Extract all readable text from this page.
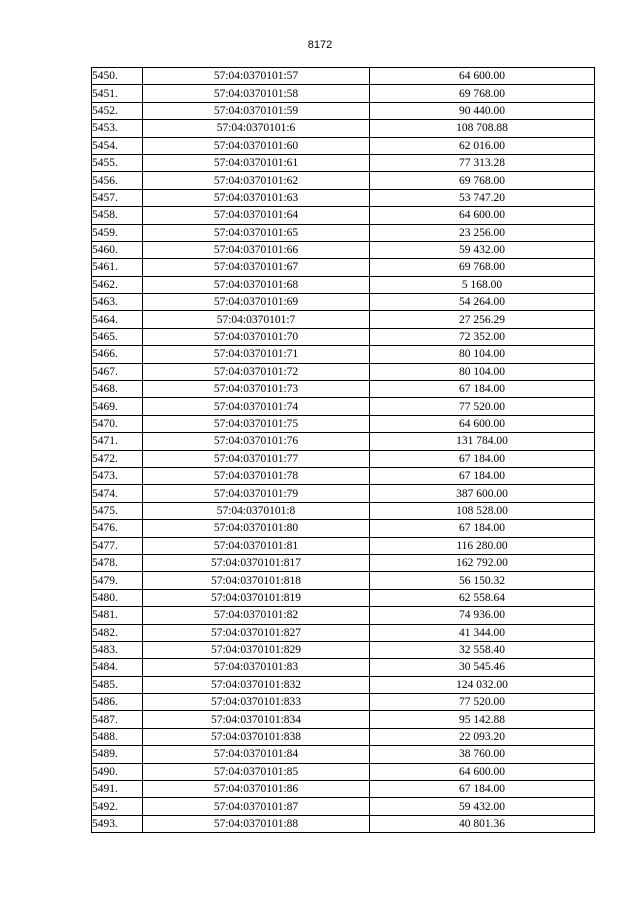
8172
5450.	57:04:0370101:57	64 600.00
5451.	57:04:0370101:58	69 768.00
5452.	57:04:0370101:59	90 440.00
5453.	57:04:0370101:6	108 708.88
5454.	57:04:0370101:60	62 016.00
5455.	57:04:0370101:61	77 313.28
5456.	57:04:0370101:62	69 768.00
5457.	57:04:0370101:63	53 747.20
5458.	57:04:0370101:64	64 600.00
5459.	57:04:0370101:65	23 256.00
5460.	57:04:0370101:66	59 432.00
5461.	57:04:0370101:67	69 768.00
5462.	57:04:0370101:68	5 168.00
5463.	57:04:0370101:69	54 264.00
5464.	57:04:0370101:7	27 256.29
5465.	57:04:0370101:70	72 352.00
5466.	57:04:0370101:71	80 104.00
5467.	57:04:0370101:72	80 104.00
5468.	57:04:0370101:73	67 184.00
5469.	57:04:0370101:74	77 520.00
5470.	57:04:0370101:75	64 600.00
5471.	57:04:0370101:76	131 784.00
5472.	57:04:0370101:77	67 184.00
5473.	57:04:0370101:78	67 184.00
5474.	57:04:0370101:79	387 600.00
5475.	57:04:0370101:8	108 528.00
5476.	57:04:0370101:80	67 184.00
5477.	57:04:0370101:81	116 280.00
5478.	57:04:0370101:817	162 792.00
5479.	57:04:0370101:818	56 150.32
5480.	57:04:0370101:819	62 558.64
5481.	57:04:0370101:82	74 936.00
5482.	57:04:0370101:827	41 344.00
5483.	57:04:0370101:829	32 558.40
5484.	57:04:0370101:83	30 545.46
5485.	57:04:0370101:832	124 032.00
5486.	57:04:0370101:833	77 520.00
5487.	57:04:0370101:834	95 142.88
5488.	57:04:0370101:838	22 093.20
5489.	57:04:0370101:84	38 760.00
5490.	57:04:0370101:85	64 600.00
5491.	57:04:0370101:86	67 184.00
5492.	57:04:0370101:87	59 432.00
5493.	57:04:0370101:88	40 801.36
